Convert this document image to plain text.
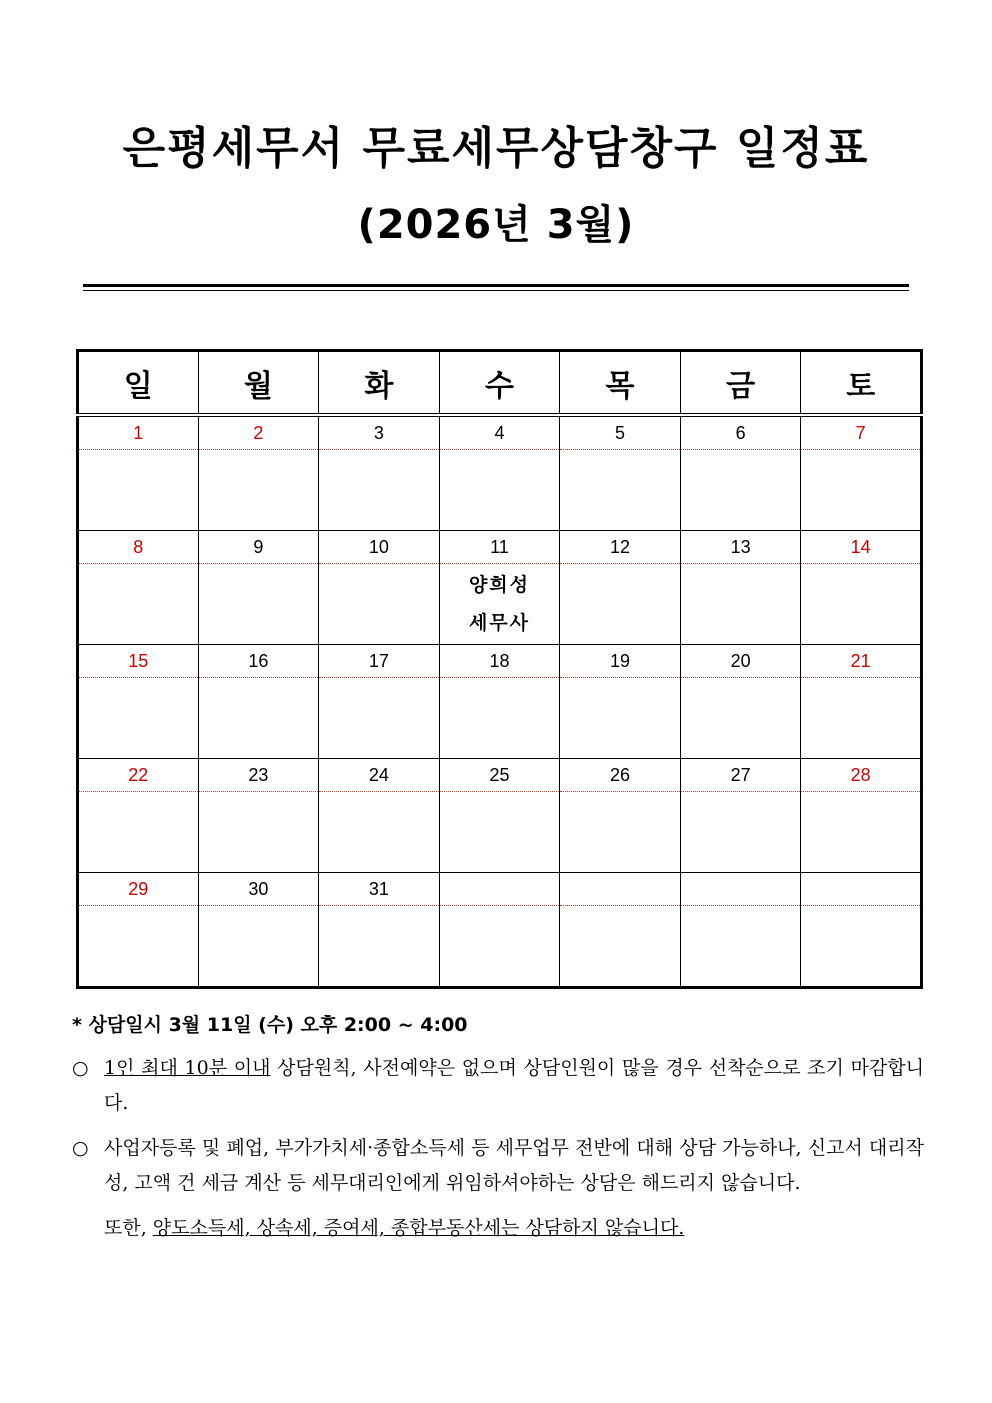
은평세무서 무료세무상담창구 일정표
(2026년 3월)
일	월	화	수	목	금	토
1	2	3	4	5	6	7

8	9	10	11	12	13	14

			양희성
세무사			

15	16	17	18	19	20	21

22	23	24	25	26	27	28

29	30	31				

* 상담일시 3월 11일 (수) 오후 2:00 ~ 4:00
○ 1인 최대 10분 이내 상담원칙, 사전예약은 없으며 상담인원이 많을 경우 선착순으로 조기 마감합니다.
○ 사업자등록 및 폐업, 부가가치세·종합소득세 등 세무업무 전반에 대해 상담 가능하나, 신고서 대리작성, 고액 건 세금 계산 등 세무대리인에게 위임하셔야하는 상담은 해드리지 않습니다.
또한, 양도소득세, 상속세, 증여세, 종합부동산세는 상담하지 않습니다.
